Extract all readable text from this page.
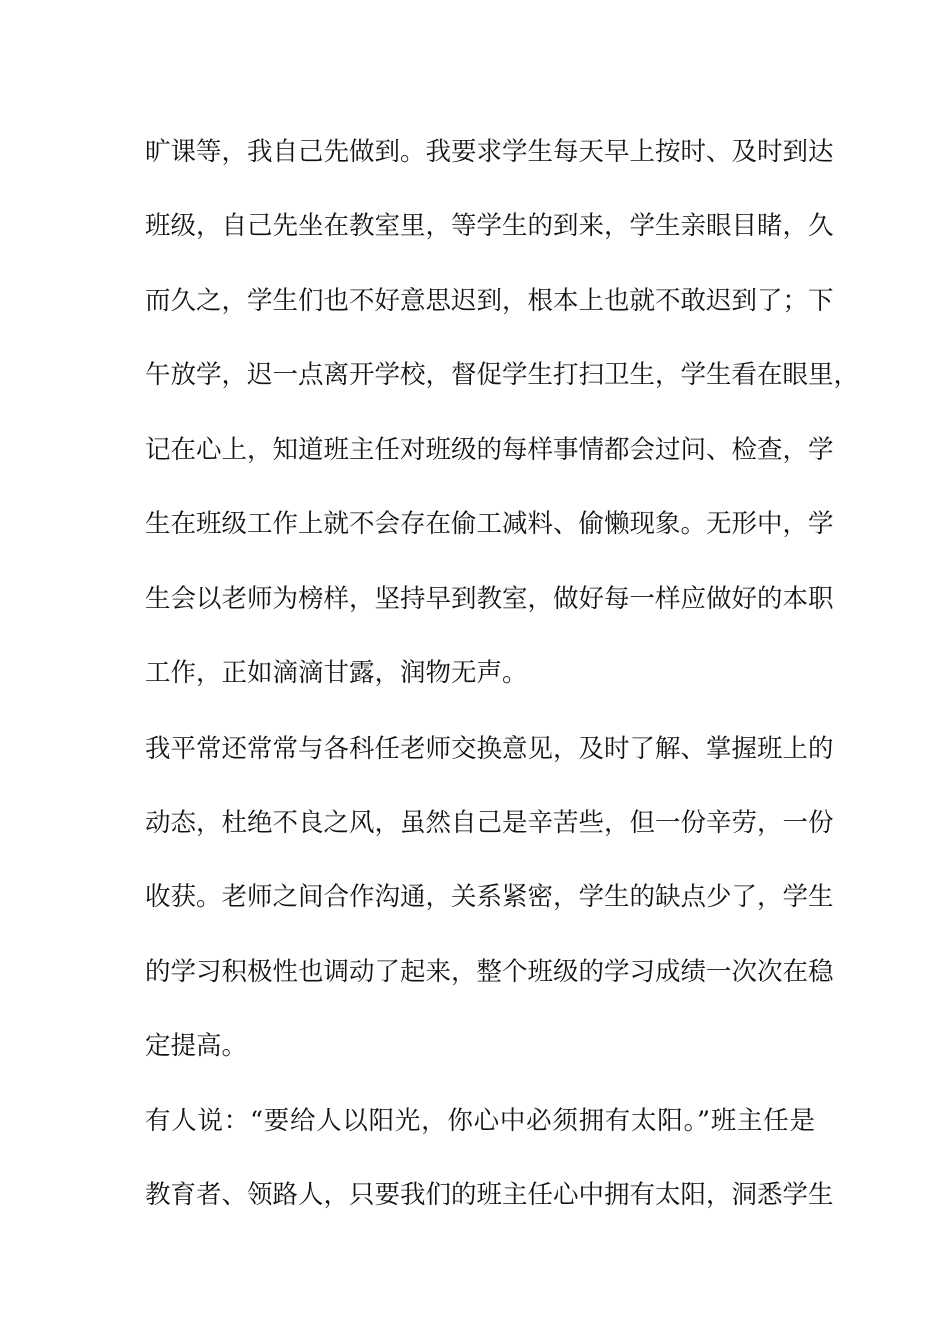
旷课等，我自己先做到。我要求学生每天早上按时、及时到达
班级，自己先坐在教室里，等学生的到来，学生亲眼目睹，久
而久之，学生们也不好意思迟到，根本上也就不敢迟到了；下
午放学，迟一点离开学校，督促学生打扫卫生，学生看在眼里，
记在心上，知道班主任对班级的每样事情都会过问、检查，学
生在班级工作上就不会存在偷工减料、偷懒现象。无形中，学
生会以老师为榜样，坚持早到教室，做好每一样应做好的本职
工作，正如滴滴甘露，润物无声。
我平常还常常与各科任老师交换意见，及时了解、掌握班上的
动态，杜绝不良之风，虽然自己是辛苦些，但一份辛劳，一份
收获。老师之间合作沟通，关系紧密，学生的缺点少了，学生
的学习积极性也调动了起来，整个班级的学习成绩一次次在稳
定提高。
有人说：“要给人以阳光，你心中必须拥有太阳。”班主任是
教育者、领路人，只要我们的班主任心中拥有太阳，洞悉学生
